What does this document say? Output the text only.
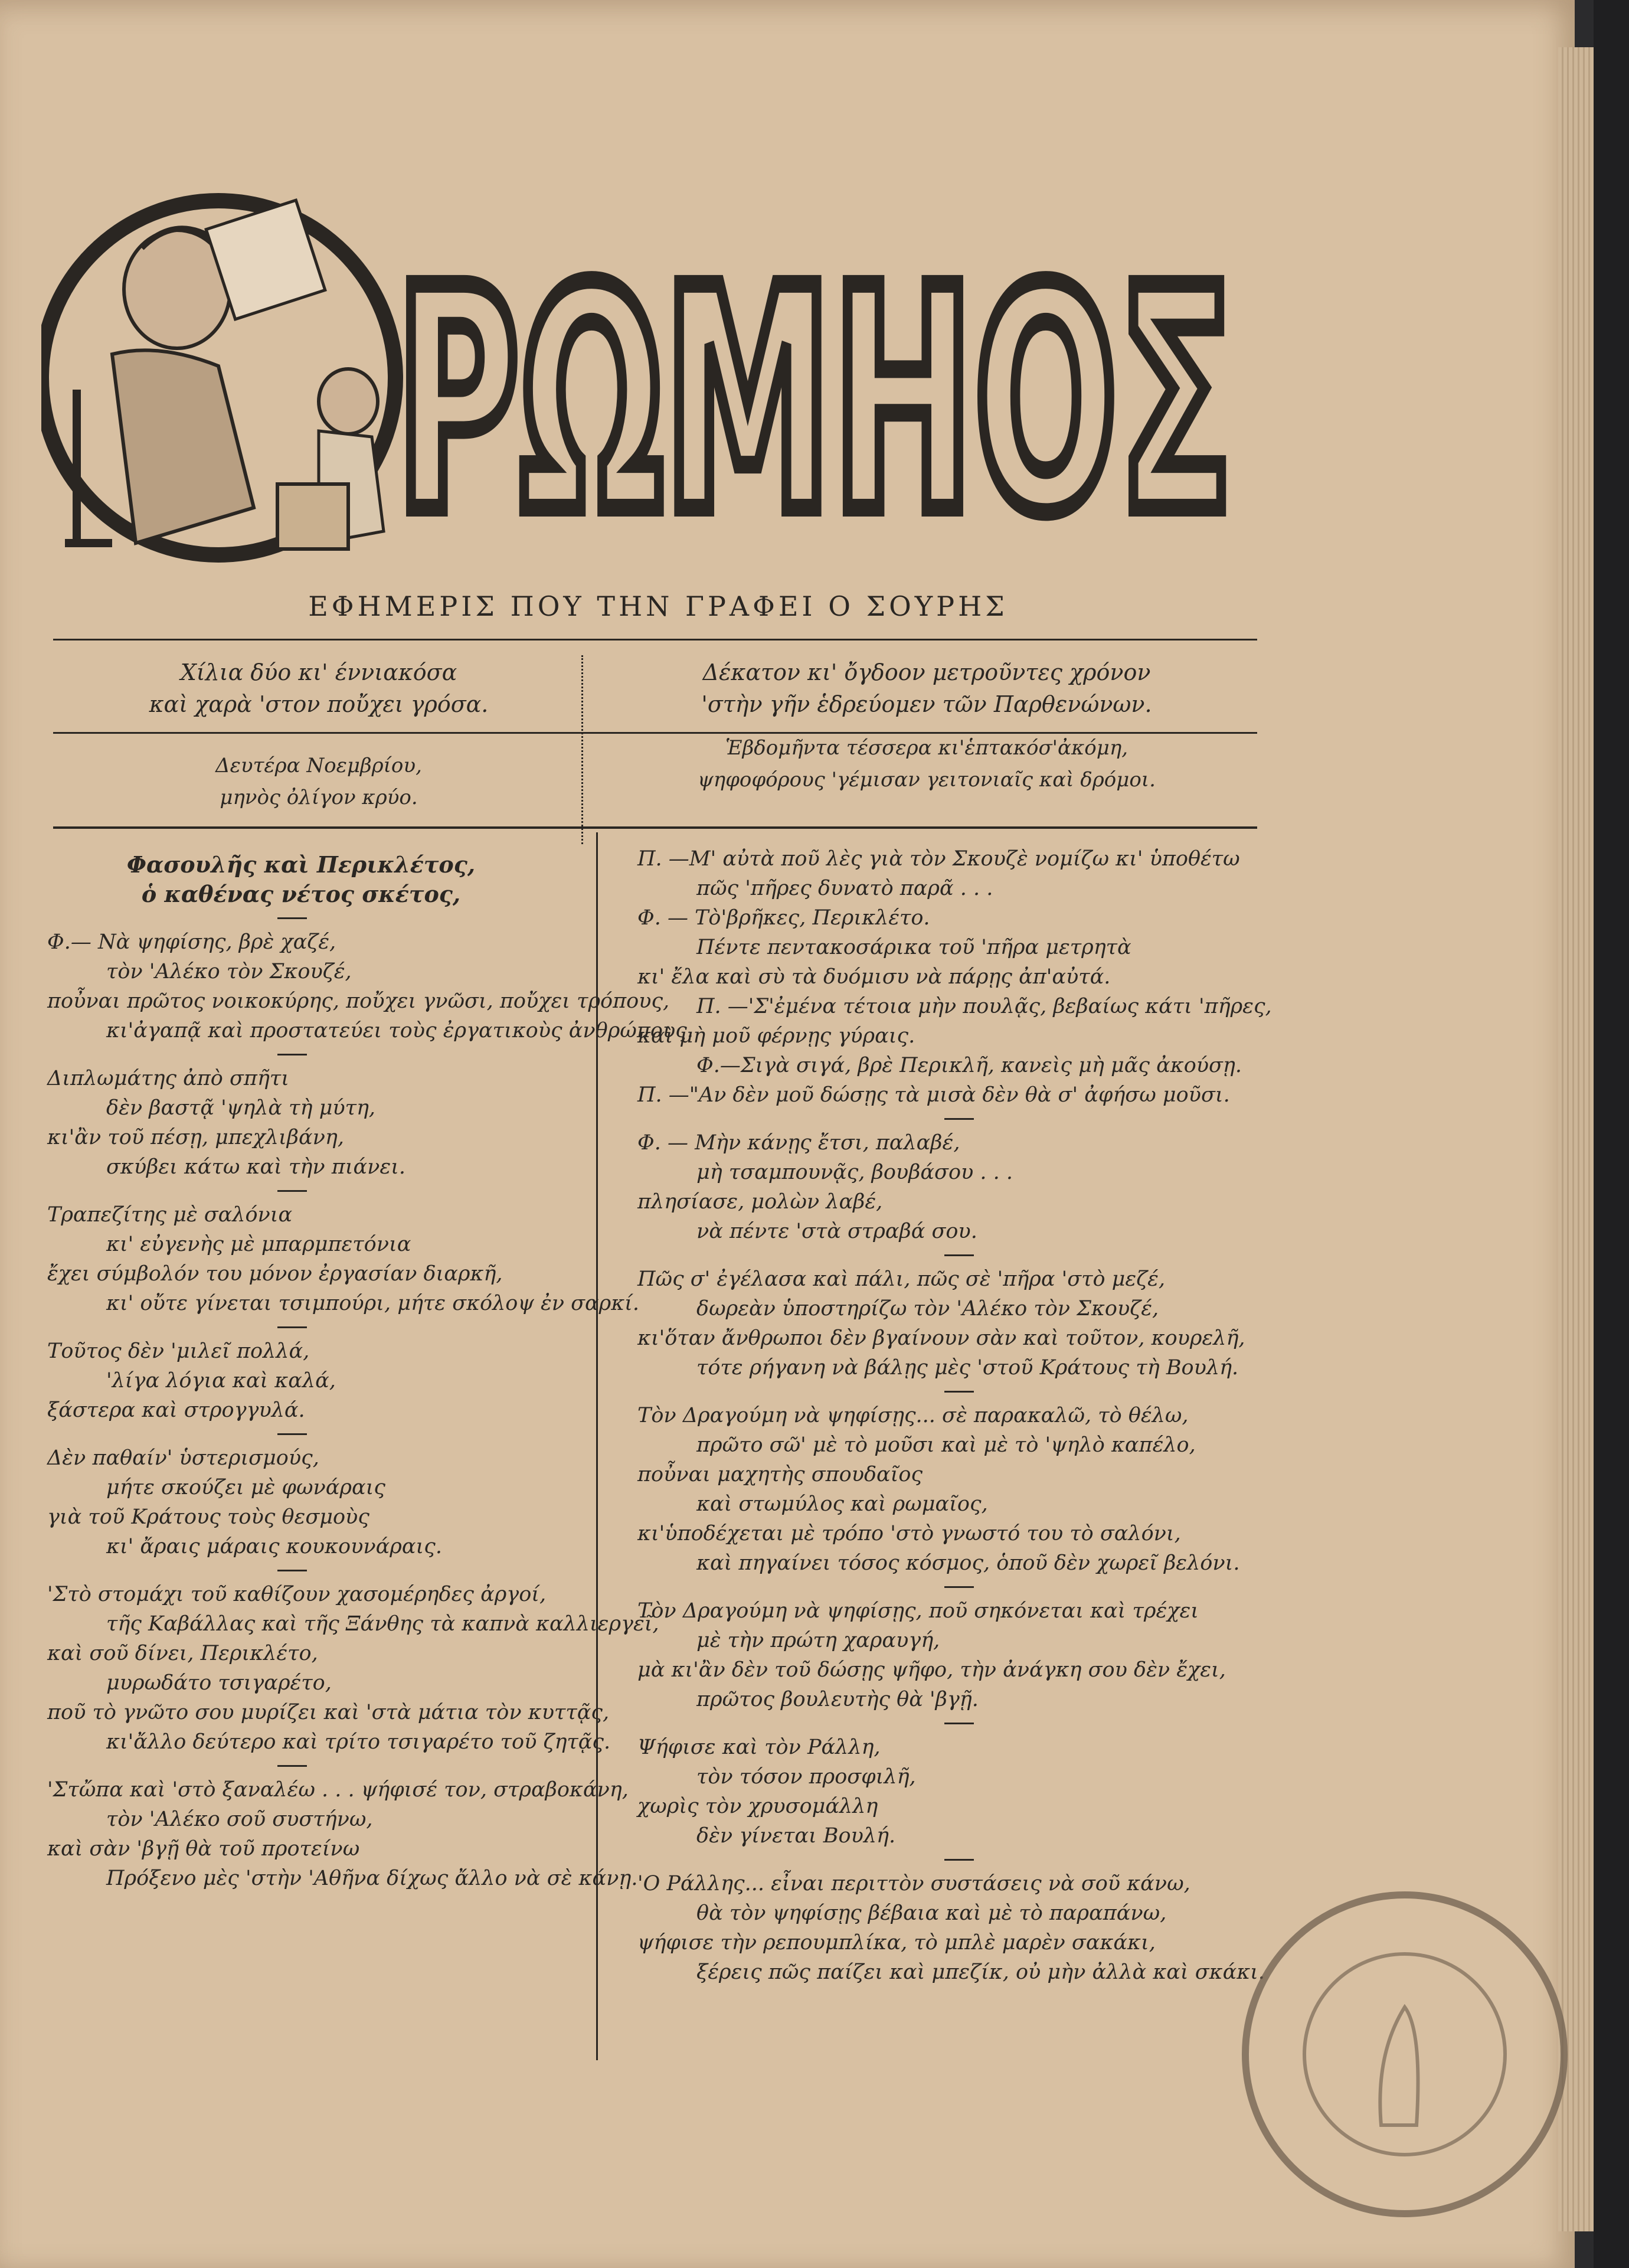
ΡΩΜΗΟΣ
ΕΦΗΜΕΡΙΣ ΠΟΥ ΤΗΝ ΓΡΑΦΕΙ Ο ΣΟΥΡΗΣ

Χίλια δύο κι' έννιακόσα

καὶ χαρὰ 'στον ποὔχει γρόσα.

Δέκατον κι' ὄγδοον μετροῦντες χρόνον

'στὴν γῆν ἑδρεύομεν τῶν Παρθενώνων.

Δευτέρα Νοεμβρίου,

μηνὸς ὀλίγον κρύο.

Ἑβδομῆντα τέσσερα κι'ἑπτακόσ'ἀκόμη,

ψηφοφόρους 'γέμισαν γειτονιαῖς καὶ δρόμοι.

Φασουλῆς καὶ Περικλέτος,

ὁ καθένας νέτος σκέτος,

Φ.— Νὰ ψηφίσης, βρὲ χαζέ,

τὸν 'Αλέκο τὸν Σκουζέ,

ποὖναι πρῶτος νοικοκύρης, ποὔχει γνῶσι, ποὔχει τρόπους,

κι'ἀγαπᾷ καὶ προστατεύει τοὺς ἐργατικοὺς ἀνθρώπους.

Διπλωμάτης ἀπὸ σπῆτι

δὲν βαστᾷ 'ψηλὰ τὴ μύτη,

κι'ἂν τοῦ πέσῃ, μπεχλιβάνη,

σκύβει κάτω καὶ τὴν πιάνει.

Τραπεζίτης μὲ σαλόνια

κι' εὐγενὴς μὲ μπαρμπετόνια

ἔχει σύμβολόν του μόνον ἐργασίαν διαρκῆ,

κι' οὔτε γίνεται τσιμπούρι, μήτε σκόλοψ ἐν σαρκί.

Τοῦτος δὲν 'μιλεῖ πολλά,

'λίγα λόγια καὶ καλά,

ξάστερα καὶ στρογγυλά.

Δὲν παθαίν' ὑστερισμούς,

μήτε σκούζει μὲ φωνάραις

γιὰ τοῦ Κράτους τοὺς θεσμοὺς

κι' ἄραις μάραις κουκουνάραις.

'Στὸ στομάχι τοῦ καθίζουν χασομέρηδες ἀργοί,

τῆς Καβάλλας καὶ τῆς Ξάνθης τὰ καπνὰ καλλιεργεῖ,

καὶ σοῦ δίνει, Περικλέτο,

μυρωδάτο τσιγαρέτο,

ποῦ τὸ γνῶτο σου μυρίζει καὶ 'στὰ μάτια τὸν κυττᾷς,

κι'ἄλλο δεύτερο καὶ τρίτο τσιγαρέτο τοῦ ζητᾷς.

'Στὤπα καὶ 'στὸ ξαναλέω . . . ψήφισέ τον, στραβοκάνη,

τὸν 'Αλέκο σοῦ συστήνω,

καὶ σὰν 'βγῇ θὰ τοῦ προτείνω

Πρόξενο μὲς 'στὴν 'Αθῆνα δίχως ἄλλο νὰ σὲ κάνῃ.

Π. —Μ' αὐτὰ ποῦ λὲς γιὰ τὸν Σκουζὲ νομίζω κι' ὑποθέτω

πῶς 'πῆρες δυνατὸ παρᾶ . . .

Φ. — Τὸ'βρῆκες, Περικλέτο.

Πέντε πεντακοσάρικα τοῦ 'πῆρα μετρητὰ

κι' ἔλα καὶ σὺ τὰ δυόμισυ νὰ πάρῃς ἀπ'αὐτά.

Π. —'Σ'ἐμένα τέτοια μὴν πουλᾷς, βεβαίως κάτι 'πῆρες,

καὶ μὴ μοῦ φέρνῃς γύραις.

Φ.—Σιγὰ σιγά, βρὲ Περικλῆ, κανεὶς μὴ μᾶς ἀκούσῃ.

Π. —"Αν δὲν μοῦ δώσῃς τὰ μισὰ δὲν θὰ σ' ἀφήσω μοῦσι.

Φ. — Μὴν κάνῃς ἔτσι, παλαβέ,

μὴ τσαμπουνᾷς, βουβάσου . . .

πλησίασε, μολὼν λαβέ,

νὰ πέντε 'στὰ στραβά σου.

Πῶς σ' ἐγέλασα καὶ πάλι, πῶς σὲ 'πῆρα 'στὸ μεζέ,

δωρεὰν ὑποστηρίζω τὸν 'Αλέκο τὸν Σκουζέ,

κι'ὅταν ἄνθρωποι δὲν βγαίνουν σὰν καὶ τοῦτον, κουρελῆ,

τότε ρήγανη νὰ βάλῃς μὲς 'στοῦ Κράτους τὴ Βουλή.

Τὸν Δραγούμη νὰ ψηφίσῃς... σὲ παρακαλῶ, τὸ θέλω,

πρῶτο σῶ' μὲ τὸ μοῦσι καὶ μὲ τὸ 'ψηλὸ καπέλο,

ποὖναι μαχητὴς σπουδαῖος

καὶ στωμύλος καὶ ρωμαῖος,

κι'ὑποδέχεται μὲ τρόπο 'στὸ γνωστό του τὸ σαλόνι,

καὶ πηγαίνει τόσος κόσμος, ὁποῦ δὲν χωρεῖ βελόνι.

Τὸν Δραγούμη νὰ ψηφίσῃς, ποῦ σηκόνεται καὶ τρέχει

μὲ τὴν πρώτη χαραυγή,

μὰ κι'ἂν δὲν τοῦ δώσῃς ψῆφο, τὴν ἀνάγκη σου δὲν ἔχει,

πρῶτος βουλευτὴς θὰ 'βγῇ.

Ψήφισε καὶ τὸν Ράλλη,

τὸν τόσον προσφιλῆ,

χωρὶς τὸν χρυσομάλλη

δὲν γίνεται Βουλή.

'Ο Ράλλης... εἶναι περιττὸν συστάσεις νὰ σοῦ κάνω,

θὰ τὸν ψηφίσῃς βέβαια καὶ μὲ τὸ παραπάνω,

ψήφισε τὴν ρεπουμπλίκα, τὸ μπλὲ μαρὲν σακάκι,

ξέρεις πῶς παίζει καὶ μπεζίκ, οὐ μὴν ἀλλὰ καὶ σκάκι.
